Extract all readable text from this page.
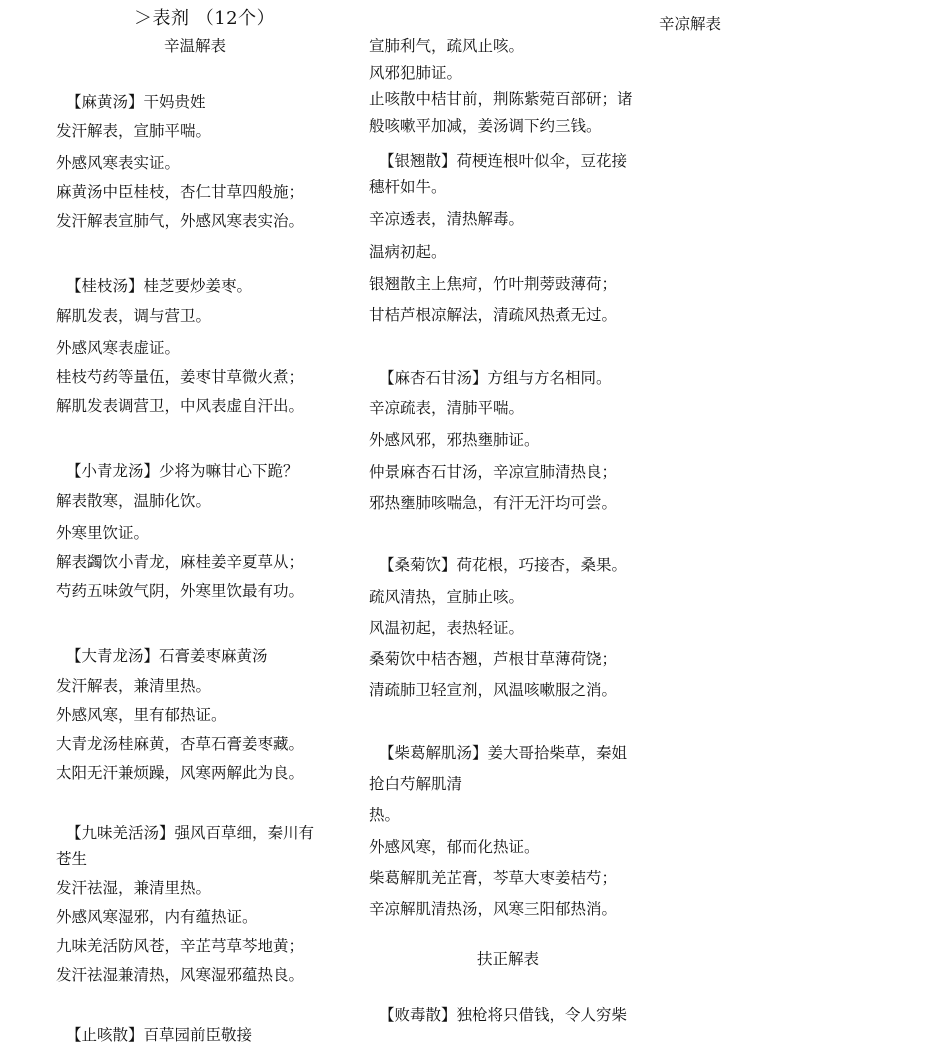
＞表剂 （12个）
辛温解表
【麻黄汤】干妈贵姓
发汗解表，宣肺平喘。
外感风寒表实证。
麻黄汤中臣桂枝，杏仁甘草四般施；
发汗解表宣肺气，外感风寒表实治。
【桂枝汤】桂芝要炒姜枣。
解肌发表，调与营卫。
外感风寒表虚证。
桂枝芍药等量伍，姜枣甘草微火煮；
解肌发表调营卫，中风表虚自汗出。
【小青龙汤】少将为嘛甘心下跪？
解表散寒，温肺化饮。
外寒里饮证。
解表蠲饮小青龙，麻桂姜辛夏草从；
芍药五味敛气阴，外寒里饮最有功。
【大青龙汤】石膏姜枣麻黄汤
发汗解表，兼清里热。
外感风寒，里有郁热证。
大青龙汤桂麻黄，杏草石膏姜枣藏。
太阳无汗兼烦躁，风寒两解此为良。
【九味羌活汤】强风百草细，秦川有
苍生
发汗祛湿，兼清里热。
外感风寒湿邪，内有蕴热证。
九味羌活防风苍，辛芷芎草芩地黄；
发汗祛湿兼清热，风寒湿邪蕴热良。
【止咳散】百草园前臣敬接
辛凉解表
宣肺利气，疏风止咳。
风邪犯肺证。
止咳散中桔甘前，荆陈紫菀百部研；诸
般咳嗽平加减，姜汤调下约三钱。
【银翘散】荷梗连根叶似伞，豆花接
穗杆如牛。
辛凉透表，清热解毒。
温病初起。
银翘散主上焦疴，竹叶荆蒡豉薄荷；
甘桔芦根凉解法，清疏风热煮无过。
【麻杏石甘汤】方组与方名相同。
辛凉疏表，清肺平喘。
外感风邪，邪热壅肺证。
仲景麻杏石甘汤，辛凉宣肺清热良；
邪热壅肺咳喘急，有汗无汗均可尝。
【桑菊饮】荷花根，巧接杏，桑果。
疏风清热，宣肺止咳。
风温初起，表热轻证。
桑菊饮中桔杏翘，芦根甘草薄荷饶；
清疏肺卫轻宣剂，风温咳嗽服之消。
【柴葛解肌汤】姜大哥拾柴草，秦姐
抢白芍解肌清
热。
外感风寒，郁而化热证。
柴葛解肌羌芷膏，芩草大枣姜桔芍；
辛凉解肌清热汤，风寒三阳郁热消。
扶正解表
【败毒散】独枪将只借钱，令人穷柴
